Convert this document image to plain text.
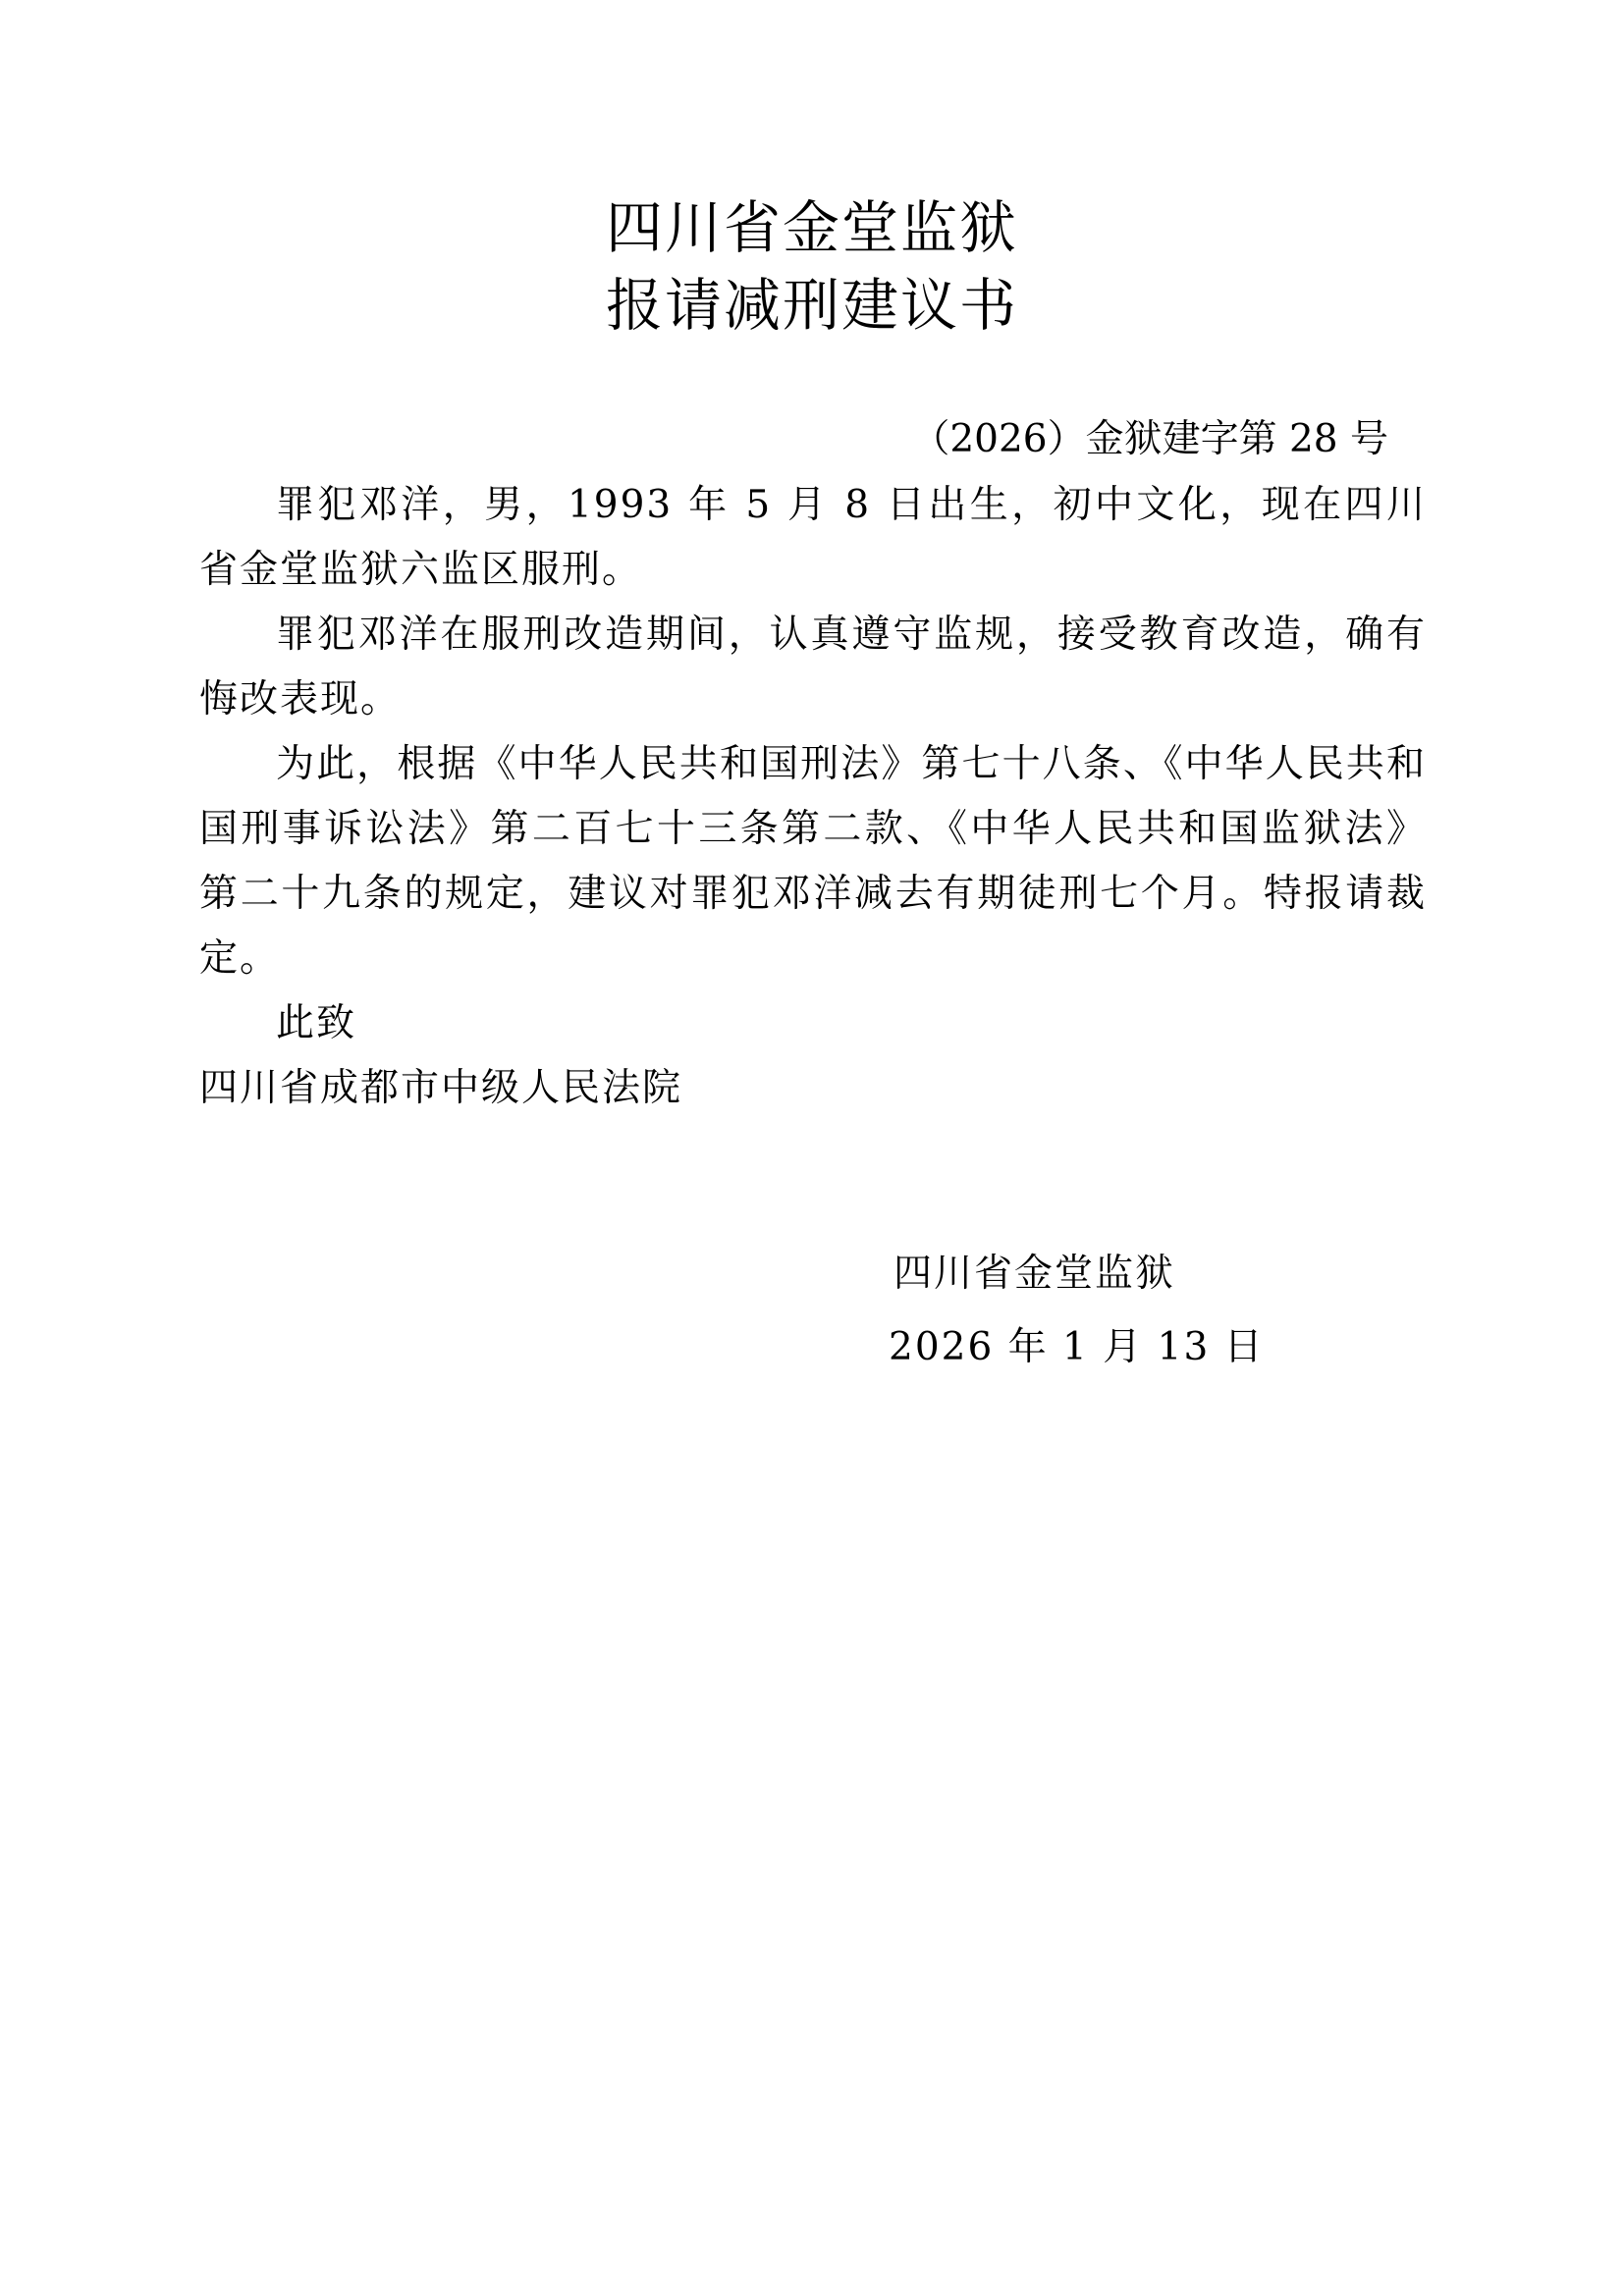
四川省金堂监狱
报请减刑建议书
（2026）金狱建字第 28 号

罪犯邓洋，男，1993 年 5 月 8 日出生，初中文化，现在四川省金堂监狱六监区服刑。

罪犯邓洋在服刑改造期间，认真遵守监规，接受教育改造，确有悔改表现。

为此，根据《中华人民共和国刑法》第七十八条、《中华人民共和国刑事诉讼法》第二百七十三条第二款、《中华人民共和国监狱法》第二十九条的规定，建议对罪犯邓洋减去有期徒刑七个月。特报请裁定。

此致

四川省成都市中级人民法院

四川省金堂监狱
2026 年 1 月 13 日
